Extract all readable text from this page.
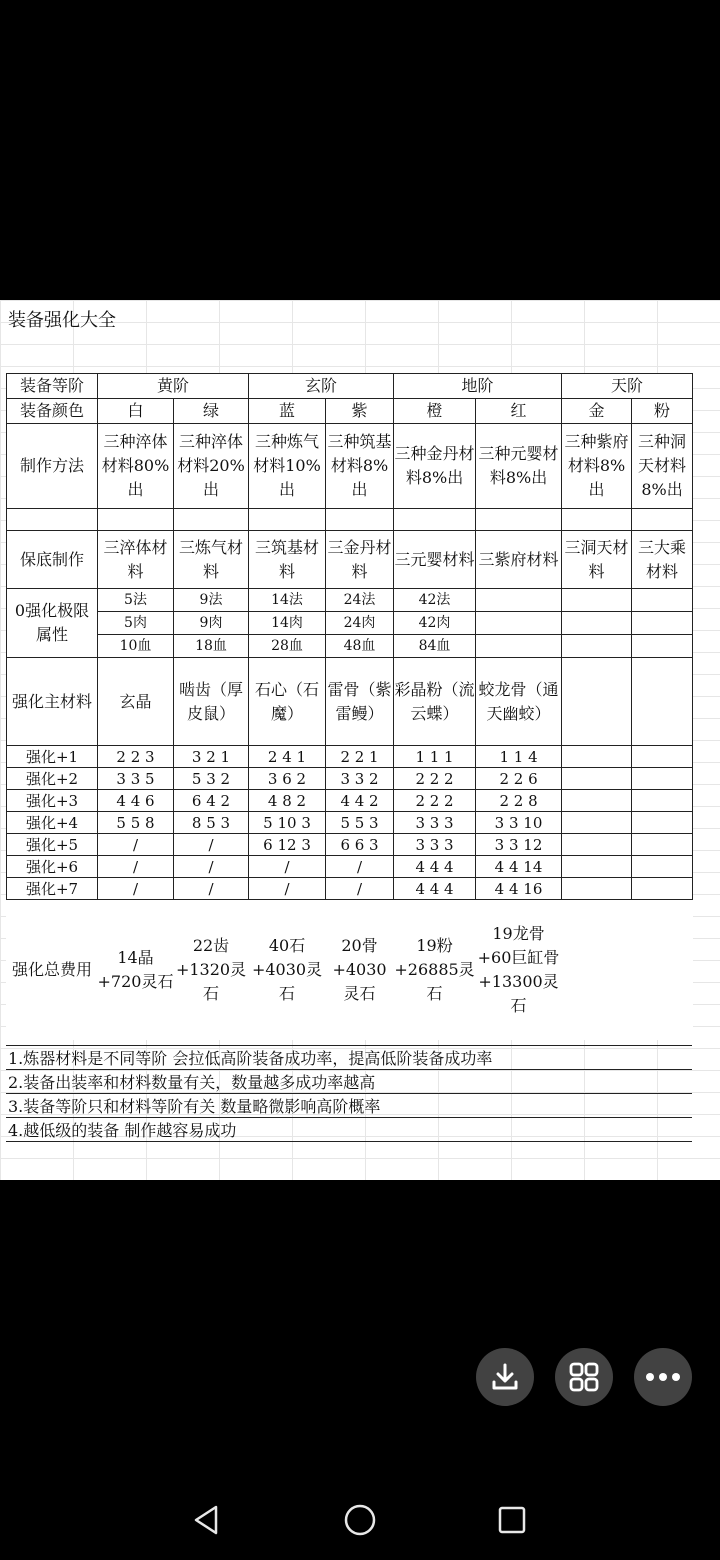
装备强化大全
装备等阶	黄阶		玄阶		地阶		天阶	
装备颜色	白	绿	蓝	紫	橙	红	金	粉
制作方法	三种淬体材料80%出	三种淬体材料20%出	三种炼气材料10%出	三种筑基材料8%出	三种金丹材料8%出	三种元婴材料8%出	三种紫府材料8%出	三种洞天材料8%出

保底制作	三淬体材料	三炼气材料	三筑基材料	三金丹材料	三元婴材料	三紫府材料	三洞天材料	三大乘材料
0强化极限属性	5法	9法	14法	24法	42法			
	5肉	9肉	14肉	24肉	42肉			
	10血	18血	28血	48血	84血			
强化主材料	玄晶	啮齿（厚皮鼠）	石心（石魔）	雷骨（紫雷鳗）	彩晶粉（流云蝶）	蛟龙骨（通天幽蛟）		
强化+1	2 2 3	3 2 1	2 4 1	2 2 1	1 1 1	1 1 4		
强化+2	3 3 5	5 3 2	3 6 2	3 3 2	2 2 2	2 2 6		
强化+3	4 4 6	6 4 2	4 8 2	4 4 2	2 2 2	2 2 8		
强化+4	5 5 8	8 5 3	5 10 3	5 5 3	3 3 3	3 3 10		
强化+5	/	/	6 12 3	6 6 3	3 3 3	3 3 12		
强化+6	/	/	/	/	4 4 4	4 4 14		
强化+7	/	/	/	/	4 4 4	4 4 16		
强化总费用	14晶+720灵石	22齿+1320灵石	40石+4030灵石	20骨+4030灵石	19粉+26885灵石	19龙骨+60巨缸骨+13300灵石		
1.炼器材料是不同等阶 会拉低高阶装备成功率，提高低阶装备成功率
2.装备出装率和材料数量有关，数量越多成功率越高
3.装备等阶只和材料等阶有关 数量略微影响高阶概率
4.越低级的装备 制作越容易成功
